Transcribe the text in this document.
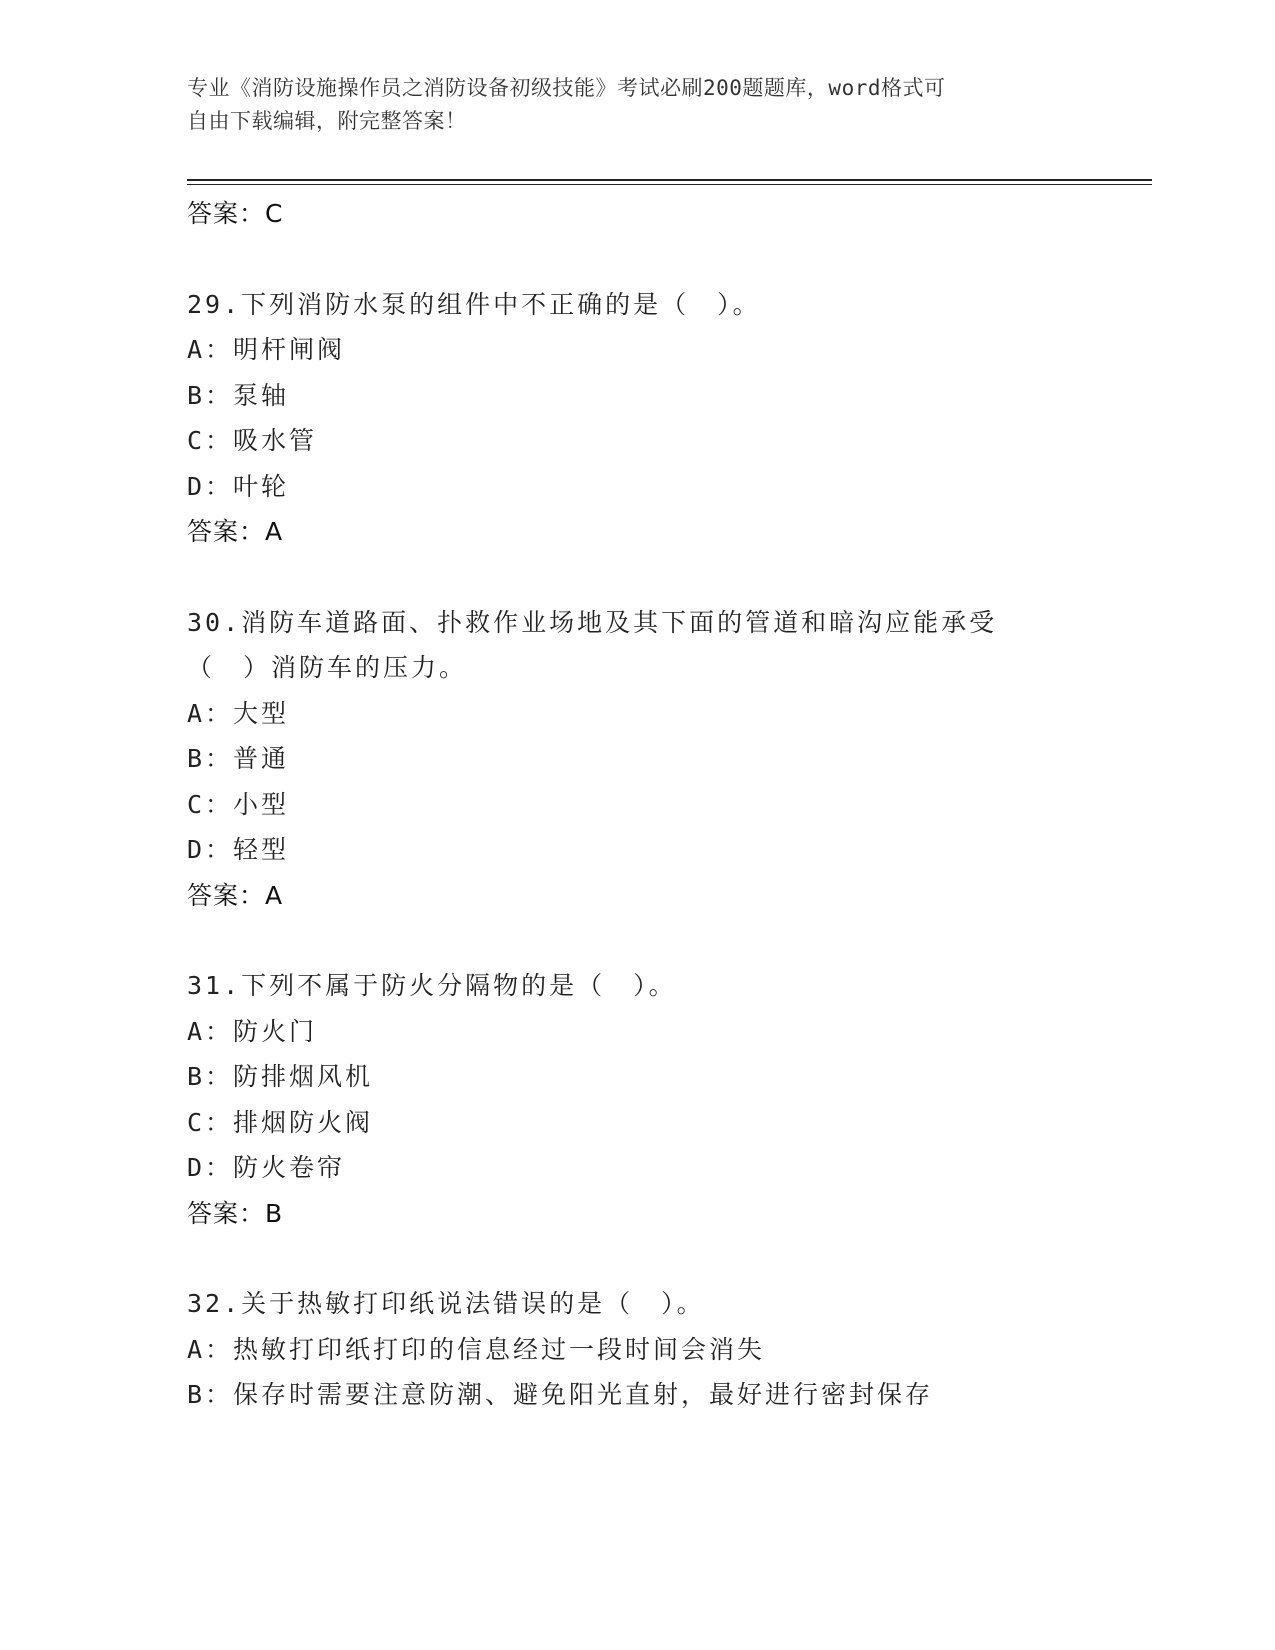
专业《消防设施操作员之消防设备初级技能》考试必刷200题题库，word格式可
自由下载编辑，附完整答案！
答案：C
29.下列消防水泵的组件中不正确的是（　）。
A：明杆闸阀
B：泵轴
C：吸水管
D：叶轮
答案：A
30.消防车道路面、扑救作业场地及其下面的管道和暗沟应能承受（　）消防车的压力。
A：大型
B：普通
C：小型
D：轻型
答案：A
31.下列不属于防火分隔物的是（　）。
A：防火门
B：防排烟风机
C：排烟防火阀
D：防火卷帘
答案：B
32.关于热敏打印纸说法错误的是（　）。
A：热敏打印纸打印的信息经过一段时间会消失
B：保存时需要注意防潮、避免阳光直射，最好进行密封保存
